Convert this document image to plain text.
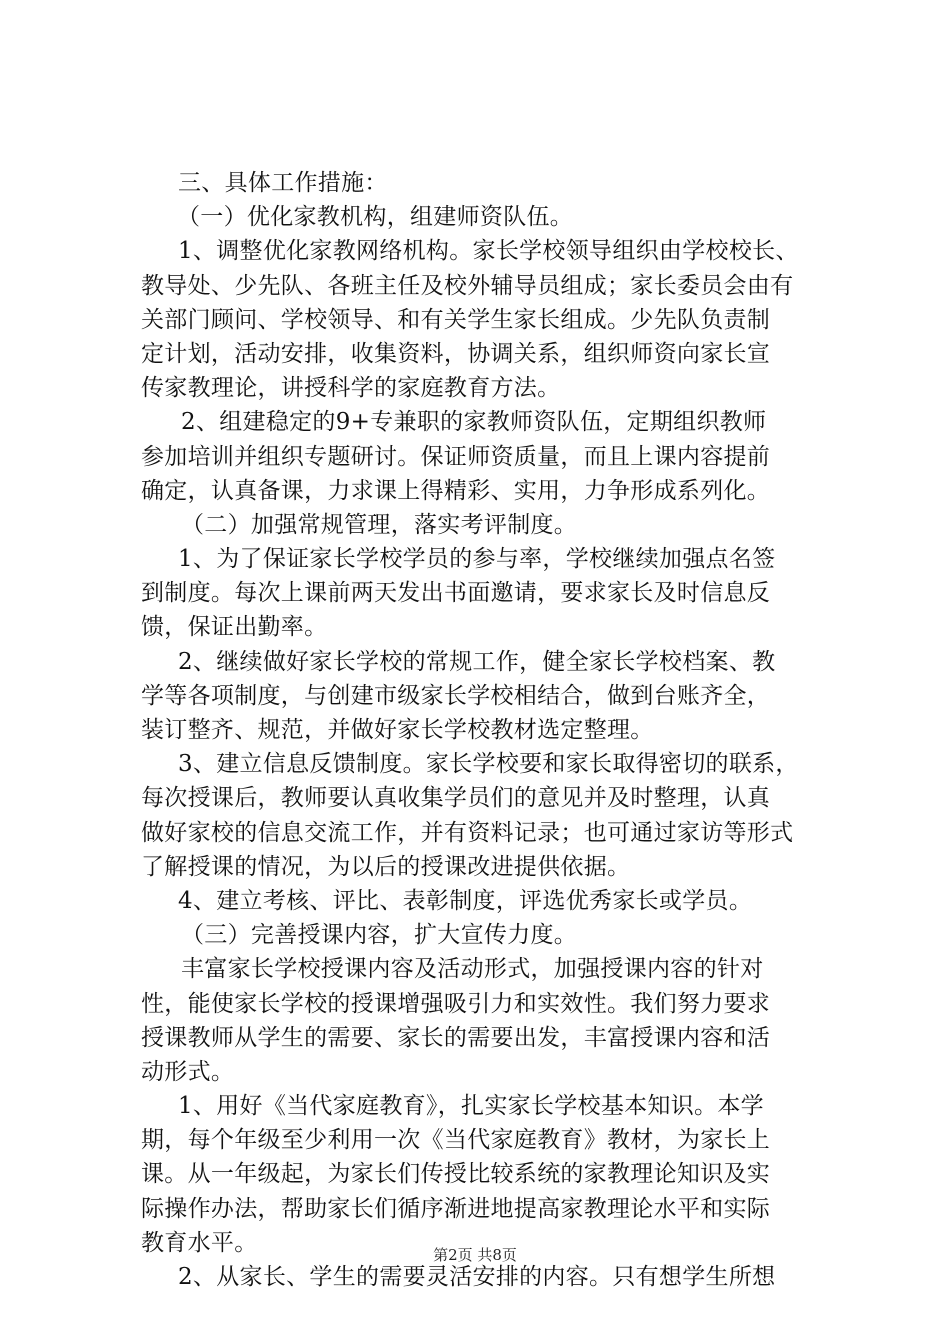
三、具体工作措施：
（一）优化家教机构，组建师资队伍。
1、调整优化家教网络机构。家长学校领导组织由学校校长、
教导处、少先队、各班主任及校外辅导员组成；家长委员会由有
关部门顾问、学校领导、和有关学生家长组成。少先队负责制
定计划，活动安排，收集资料，协调关系，组织师资向家长宣
传家教理论，讲授科学的家庭教育方法。
2、组建稳定的9+专兼职的家教师资队伍，定期组织教师
参加培训并组织专题研讨。保证师资质量，而且上课内容提前
确定，认真备课，力求课上得精彩、实用，力争形成系列化。
（二）加强常规管理，落实考评制度。
1、为了保证家长学校学员的参与率，学校继续加强点名签
到制度。每次上课前两天发出书面邀请，要求家长及时信息反
馈，保证出勤率。
2、继续做好家长学校的常规工作，健全家长学校档案、教
学等各项制度，与创建市级家长学校相结合，做到台账齐全，
装订整齐、规范，并做好家长学校教材选定整理。
3、建立信息反馈制度。家长学校要和家长取得密切的联系，
每次授课后，教师要认真收集学员们的意见并及时整理，认真
做好家校的信息交流工作，并有资料记录；也可通过家访等形式
了解授课的情况，为以后的授课改进提供依据。
4、建立考核、评比、表彰制度，评选优秀家长或学员。
（三）完善授课内容，扩大宣传力度。
丰富家长学校授课内容及活动形式，加强授课内容的针对
性，能使家长学校的授课增强吸引力和实效性。我们努力要求
授课教师从学生的需要、家长的需要出发，丰富授课内容和活
动形式。
1、用好《当代家庭教育》，扎实家长学校基本知识。本学
期，每个年级至少利用一次《当代家庭教育》教材，为家长上
课。从一年级起，为家长们传授比较系统的家教理论知识及实
际操作办法，帮助家长们循序渐进地提高家教理论水平和实际
教育水平。
2、从家长、学生的需要灵活安排的内容。只有想学生所想
第2页 共8页
